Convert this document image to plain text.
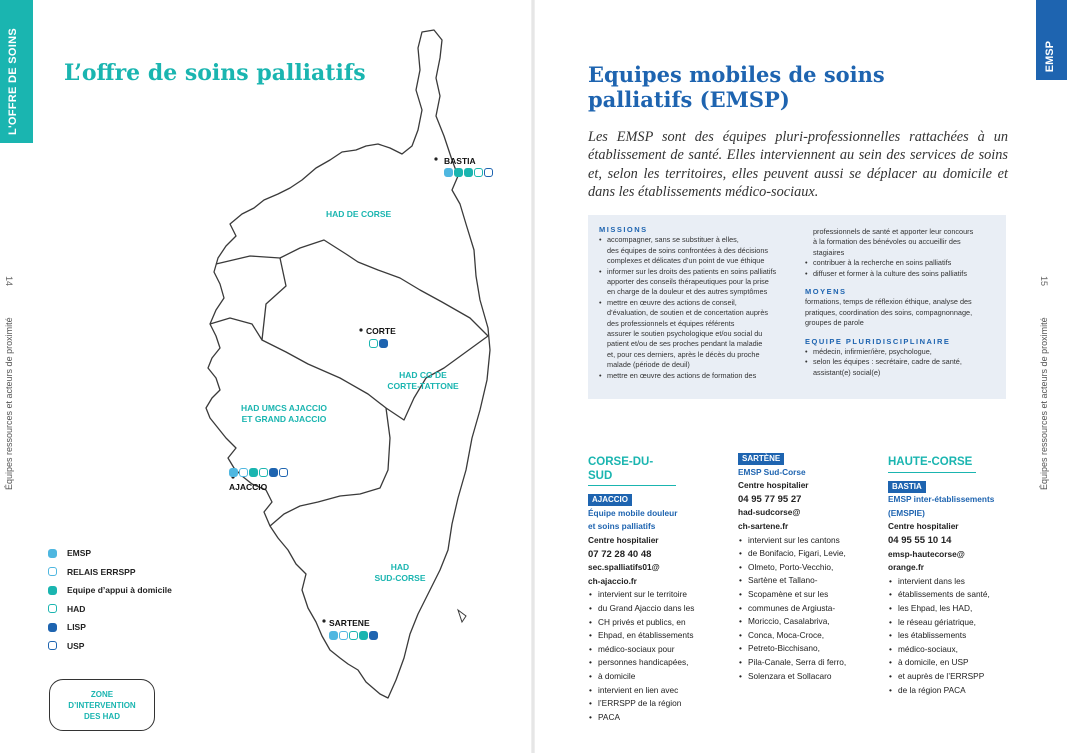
L'OFFRE DE SOINS L’offre de soins palliatifs
14
Équipes ressources et acteurs de proximité
HAD DE CORSE
HAD CG DE
CORTE-TATTONE
HAD UMCS AJACCIO
ET GRAND AJACCIO
HAD
SUD-CORSE
BASTIA
CORTE
AJACCIO
SARTENE
EMSP
RELAIS ERRSPP
Equipe d’appui à domicile
HAD
LISP
USP
ZONE
D’INTERVENTION
DES HAD
EMSP
15
Équipes ressources et acteurs de proximité
Equipes mobiles de soins
palliatifs (EMSP)

Les EMSP sont des équipes pluri-professionnelles rattachées à un établissement de santé. Elles interviennent au sein des services de soins et, selon les territoires, elles peuvent aussi se déplacer au domicile et dans les établissements médico-sociaux.

MISSIONS
• accompagner, sans se substituer à elles,
des équipes de soins confrontées à des décisions
complexes et délicates d’un point de vue éthique
• informer sur les droits des patients en soins palliatifs
apporter des conseils thérapeutiques pour la prise
en charge de la douleur et des autres symptômes
• mettre en œuvre des actions de conseil,
d’évaluation, de soutien et de concertation auprès
des professionnels et équipes référents
assurer le soutien psychologique et/ou social du
patient et/ou de ses proches pendant la maladie
et, pour ces derniers, après le décès du proche
malade (période de deuil)
• mettre en œuvre des actions de formation des
professionnels de santé et apporter leur concours
à la formation des bénévoles ou accueillir des
stagiaires
• contribuer à la recherche en soins palliatifs
• diffuser et former à la culture des soins palliatifs
MOYENS
formations, temps de réflexion éthique, analyse des
pratiques, coordination des soins, compagnonnage,
groupes de parole
EQUIPE PLURIDISCIPLINAIRE
• médecin, infirmier/ière, psychologue,
• selon les équipes : secrétaire, cadre de santé,
assistant(e) social(e)
CORSE-DU-SUD
AJACCIO
Équipe mobile douleur
et soins palliatifs
Centre hospitalier
07 72 28 40 48
sec.spalliatifs01@
ch-ajaccio.fr
• intervient sur le territoire
• du Grand Ajaccio dans les
• CH privés et publics, en
• Ehpad, en établissements
• médico-sociaux pour
• personnes handicapées,
• à domicile
• intervient en lien avec
• l’ERRSPP de la région
• PACA
SARTÈNE
EMSP Sud-Corse
Centre hospitalier
04 95 77 95 27
had-sudcorse@
ch-sartene.fr
• intervient sur les cantons
• de Bonifacio, Figari, Levie,
• Olmeto, Porto-Vecchio,
• Sartène et Tallano-
• Scopamène et sur les
• communes de Argiusta-
• Moriccio, Casalabriva,
• Conca, Moca-Croce,
• Petreto-Bicchisano,
• Pila-Canale, Serra di ferro,
• Solenzara et Sollacaro
HAUTE-CORSE
BASTIA
EMSP inter-établissements
(EMSPIE)
Centre hospitalier
04 95 55 10 14
emsp-hautecorse@
orange.fr
• intervient dans les
• établissements de santé,
• les Ehpad, les HAD,
• le réseau gériatrique,
• les établissements
• médico-sociaux,
• à domicile, en USP
• et auprès de l’ERRSPP
• de la région PACA
